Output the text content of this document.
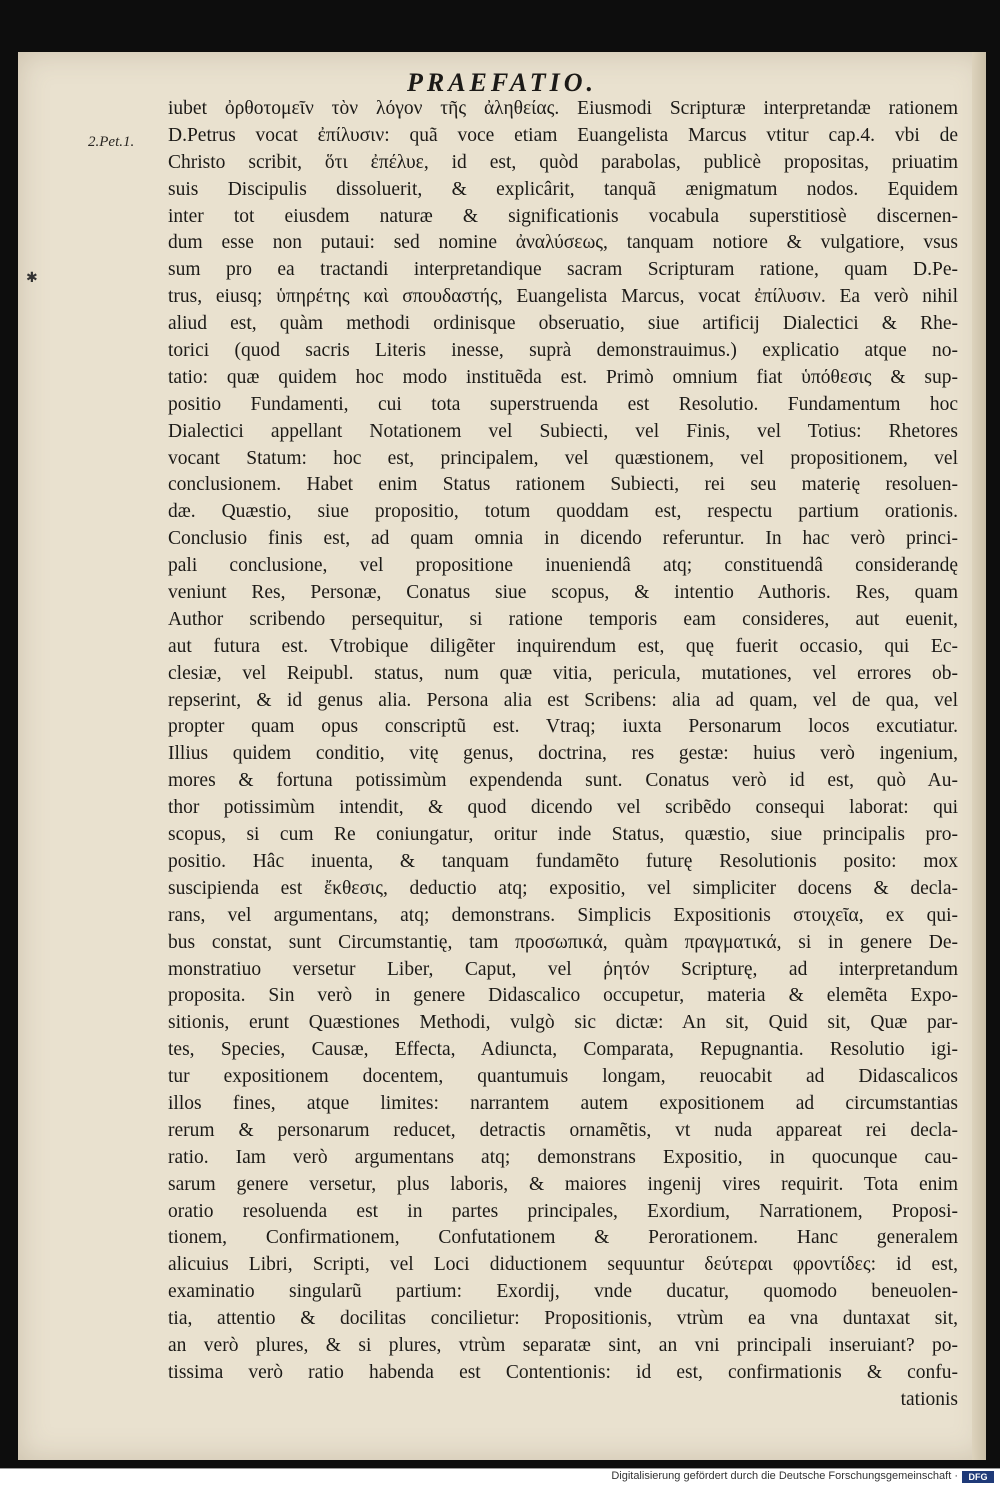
PRAEFATIO.
✱
2.Pet.1.
iubet ὀρθοτομεῖν τὸν λόγον τῆς ἀληθείας. Eiusmodi Scripturæ interpretandæ rationem
D.Petrus vocat ἐπίλυσιν: quã voce etiam Euangelista Marcus vtitur cap.4. vbi de
Christo scribit, ὅτι ἐπέλυε, id est, quòd parabolas, publicè propositas, priuatim
suis Discipulis dissoluerit, & explicârit, tanquã ænigmatum nodos. Equidem
inter tot eiusdem naturæ & significationis vocabula superstitiosè discernen-
dum esse non putaui: sed nomine ἀναλύσεως, tanquam notiore & vulgatiore, vsus
sum pro ea tractandi interpretandique sacram Scripturam ratione, quam D.Pe-
trus, eiusq; ὑπηρέτης καὶ σπουδαστής, Euangelista Marcus, vocat ἐπίλυσιν. Ea verò nihil
aliud est, quàm methodi ordinisque obseruatio, siue artificij Dialectici & Rhe-
torici (quod sacris Literis inesse, suprà demonstrauimus.) explicatio atque no-
tatio: quæ quidem hoc modo instituẽda est. Primò omnium fiat ὑπόθεσις & sup-
positio Fundamenti, cui tota superstruenda est Resolutio. Fundamentum hoc
Dialectici appellant Notationem vel Subiecti, vel Finis, vel Totius: Rhetores
vocant Statum: hoc est, principalem, vel quæstionem, vel propositionem, vel
conclusionem. Habet enim Status rationem Subiecti, rei seu materię resoluen-
dæ. Quæstio, siue propositio, totum quoddam est, respectu partium orationis.
Conclusio finis est, ad quam omnia in dicendo referuntur. In hac verò princi-
pali conclusione, vel propositione inueniendâ atq; constituendâ considerandę
veniunt Res, Personæ, Conatus siue scopus, & intentio Authoris. Res, quam
Author scribendo persequitur, si ratione temporis eam consideres, aut euenit,
aut futura est. Vtrobique diligẽter inquirendum est, quę fuerit occasio, qui Ec-
clesiæ, vel Reipubl. status, num quæ vitia, pericula, mutationes, vel errores ob-
repserint, & id genus alia. Persona alia est Scribens: alia ad quam, vel de qua, vel
propter quam opus conscriptũ est. Vtraq; iuxta Personarum locos excutiatur.
Illius quidem conditio, vitę genus, doctrina, res gestæ: huius verò ingenium,
mores & fortuna potissimùm expendenda sunt. Conatus verò id est, quò Au-
thor potissimùm intendit, & quod dicendo vel scribẽdo consequi laborat: qui
scopus, si cum Re coniungatur, oritur inde Status, quæstio, siue principalis pro-
positio. Hâc inuenta, & tanquam fundamẽto futurę Resolutionis posito: mox
suscipienda est ἔκθεσις, deductio atq; expositio, vel simpliciter docens & decla-
rans, vel argumentans, atq; demonstrans. Simplicis Expositionis στοιχεῖα, ex qui-
bus constat, sunt Circumstantię, tam προσωπικά, quàm πραγματικά, si in genere De-
monstratiuo versetur Liber, Caput, vel ῥητόν Scripturę, ad interpretandum
proposita. Sin verò in genere Didascalico occupetur, materia & elemẽta Expo-
sitionis, erunt Quæstiones Methodi, vulgò sic dictæ: An sit, Quid sit, Quæ par-
tes, Species, Causæ, Effecta, Adiuncta, Comparata, Repugnantia. Resolutio igi-
tur expositionem docentem, quantumuis longam, reuocabit ad Didascalicos
illos fines, atque limites: narrantem autem expositionem ad circumstantias
rerum & personarum reducet, detractis ornamẽtis, vt nuda appareat rei decla-
ratio. Iam verò argumentans atq; demonstrans Expositio, in quocunque cau-
sarum genere versetur, plus laboris, & maiores ingenij vires requirit. Tota enim
oratio resoluenda est in partes principales, Exordium, Narrationem, Proposi-
tionem, Confirmationem, Confutationem & Perorationem. Hanc generalem
alicuius Libri, Scripti, vel Loci diductionem sequuntur δεύτεραι φροντίδες: id est,
examinatio singularũ partium: Exordij, vnde ducatur, quomodo beneuolen-
tia, attentio & docilitas concilietur: Propositionis, vtrùm ea vna duntaxat sit,
an verò plures, & si plures, vtrùm separatæ sint, an vni principali inseruiant? po-
tissima verò ratio habenda est Contentionis: id est, confirmationis & confu-
tationis
Digitalisierung gefördert durch die Deutsche Forschungsgemeinschaft ·	DFG
